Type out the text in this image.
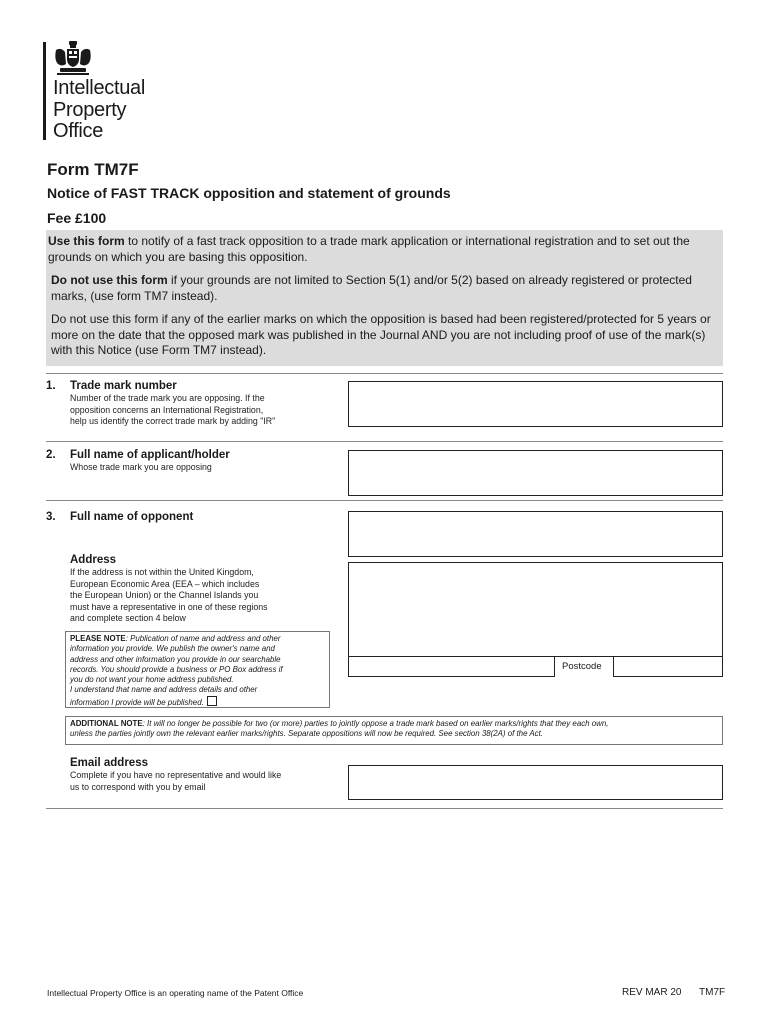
Intellectual
Property
Office
Form TM7F
Notice of FAST TRACK opposition and statement of grounds
Fee £100

Use this form to notify of a fast track opposition to a trade mark application or international registration and to set out the grounds on which you are basing this opposition.

Do not use this form if your grounds are not limited to Section 5(1) and/or 5(2) based on already registered or protected marks, (use form TM7 instead).

Do not use this form if any of the earlier marks on which the opposition is based had been registered/protected for 5 years or more on the date that the opposed mark was published in the Journal AND you are not including proof of use of the mark(s) with this Notice (use Form TM7 instead).

1. Trade mark number
Number of the trade mark you are opposing. If the
opposition concerns an International Registration,
help us identify the correct trade mark by adding "IR"
2. Full name of applicant/holder
Whose trade mark you are opposing
3. Full name of opponent
Address
If the address is not within the United Kingdom,
European Economic Area (EEA – which includes
the European Union) or the Channel Islands you
must have a representative in one of these regions
and complete section 4 below
Postcode
PLEASE NOTE: Publication of name and address and other
information you provide. We publish the owner's name and
address and other information you provide in our searchable
records. You should provide a business or PO Box address if
you do not want your home address published.
I understand that name and address details and other
information I provide will be published.
ADDITIONAL NOTE: It will no longer be possible for two (or more) parties to jointly oppose a trade mark based on earlier marks/rights that they each own,
unless the parties jointly own the relevant earlier marks/rights. Separate oppositions will now be required. See section 38(2A) of the Act.
Email address
Complete if you have no representative and would like
us to correspond with you by email
Intellectual Property Office is an operating name of the Patent Office	REV MAR 20 TM7F
